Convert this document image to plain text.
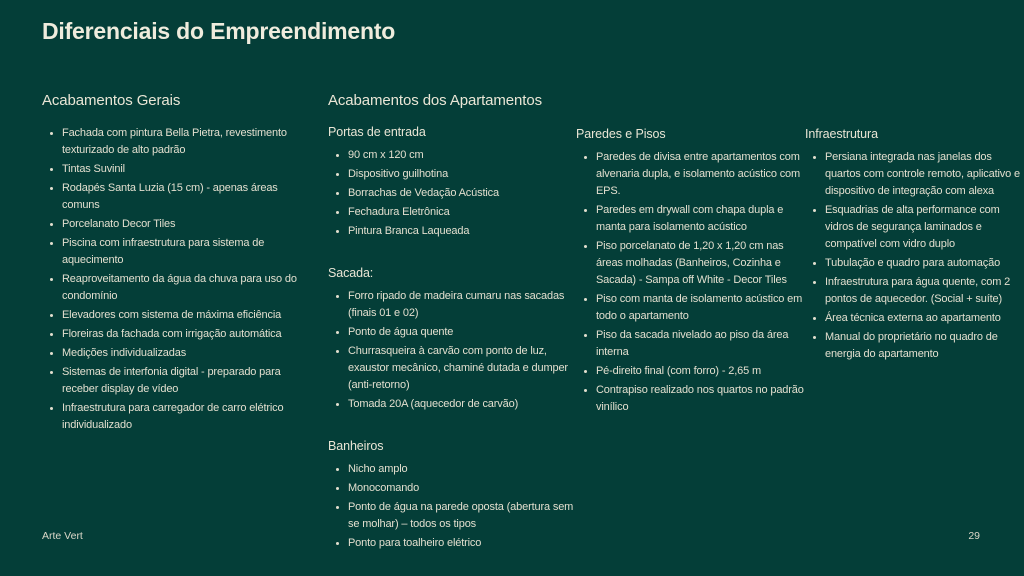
Diferenciais do Empreendimento
Acabamentos Gerais
• Fachada com pintura Bella Pietra, revestimento texturizado de alto padrão
• Tintas Suvinil
• Rodapés Santa Luzia (15 cm) - apenas áreas comuns
• Porcelanato Decor Tiles
• Piscina com infraestrutura para sistema de aquecimento
• Reaproveitamento da água da chuva para uso do condomínio
• Elevadores com sistema de máxima eficiência
• Floreiras da fachada com irrigação automática
• Medições individualizadas
• Sistemas de interfonia digital - preparado para receber display de vídeo
• Infraestrutura para carregador de carro elétrico individualizado
Acabamentos dos Apartamentos
Portas de entrada
• 90 cm x 120 cm
• Dispositivo guilhotina
• Borrachas de Vedação Acústica
• Fechadura Eletrônica
• Pintura Branca Laqueada
Sacada:
• Forro ripado de madeira cumaru nas sacadas (finais 01 e 02)
• Ponto de água quente
• Churrasqueira à carvão com ponto de luz, exaustor mecânico, chaminé dutada e dumper (anti-retorno)
• Tomada 20A (aquecedor de carvão)
Banheiros
• Nicho amplo
• Monocomando
• Ponto de água na parede oposta (abertura sem se molhar) – todos os tipos
• Ponto para toalheiro elétrico
Paredes e Pisos
• Paredes de divisa entre apartamentos com alvenaria dupla, e isolamento acústico com EPS.
• Paredes em drywall com chapa dupla e manta para isolamento acústico
• Piso porcelanato de 1,20 x 1,20 cm nas áreas molhadas (Banheiros, Cozinha e Sacada) - Sampa off White - Decor Tiles
• Piso com manta de isolamento acústico em todo o apartamento
• Piso da sacada nivelado ao piso da área interna
• Pé-direito final (com forro) - 2,65 m
• Contrapiso realizado nos quartos no padrão vinílico
Infraestrutura
• Persiana integrada nas janelas dos quartos com controle remoto, aplicativo e dispositivo de integração com alexa
• Esquadrias de alta performance com vidros de segurança laminados e compatível com vidro duplo
• Tubulação e quadro para automação
• Infraestrutura para água quente, com 2 pontos de aquecedor. (Social + suíte)
• Área técnica externa ao apartamento
• Manual do proprietário no quadro de energia do apartamento
Arte Vert	29
